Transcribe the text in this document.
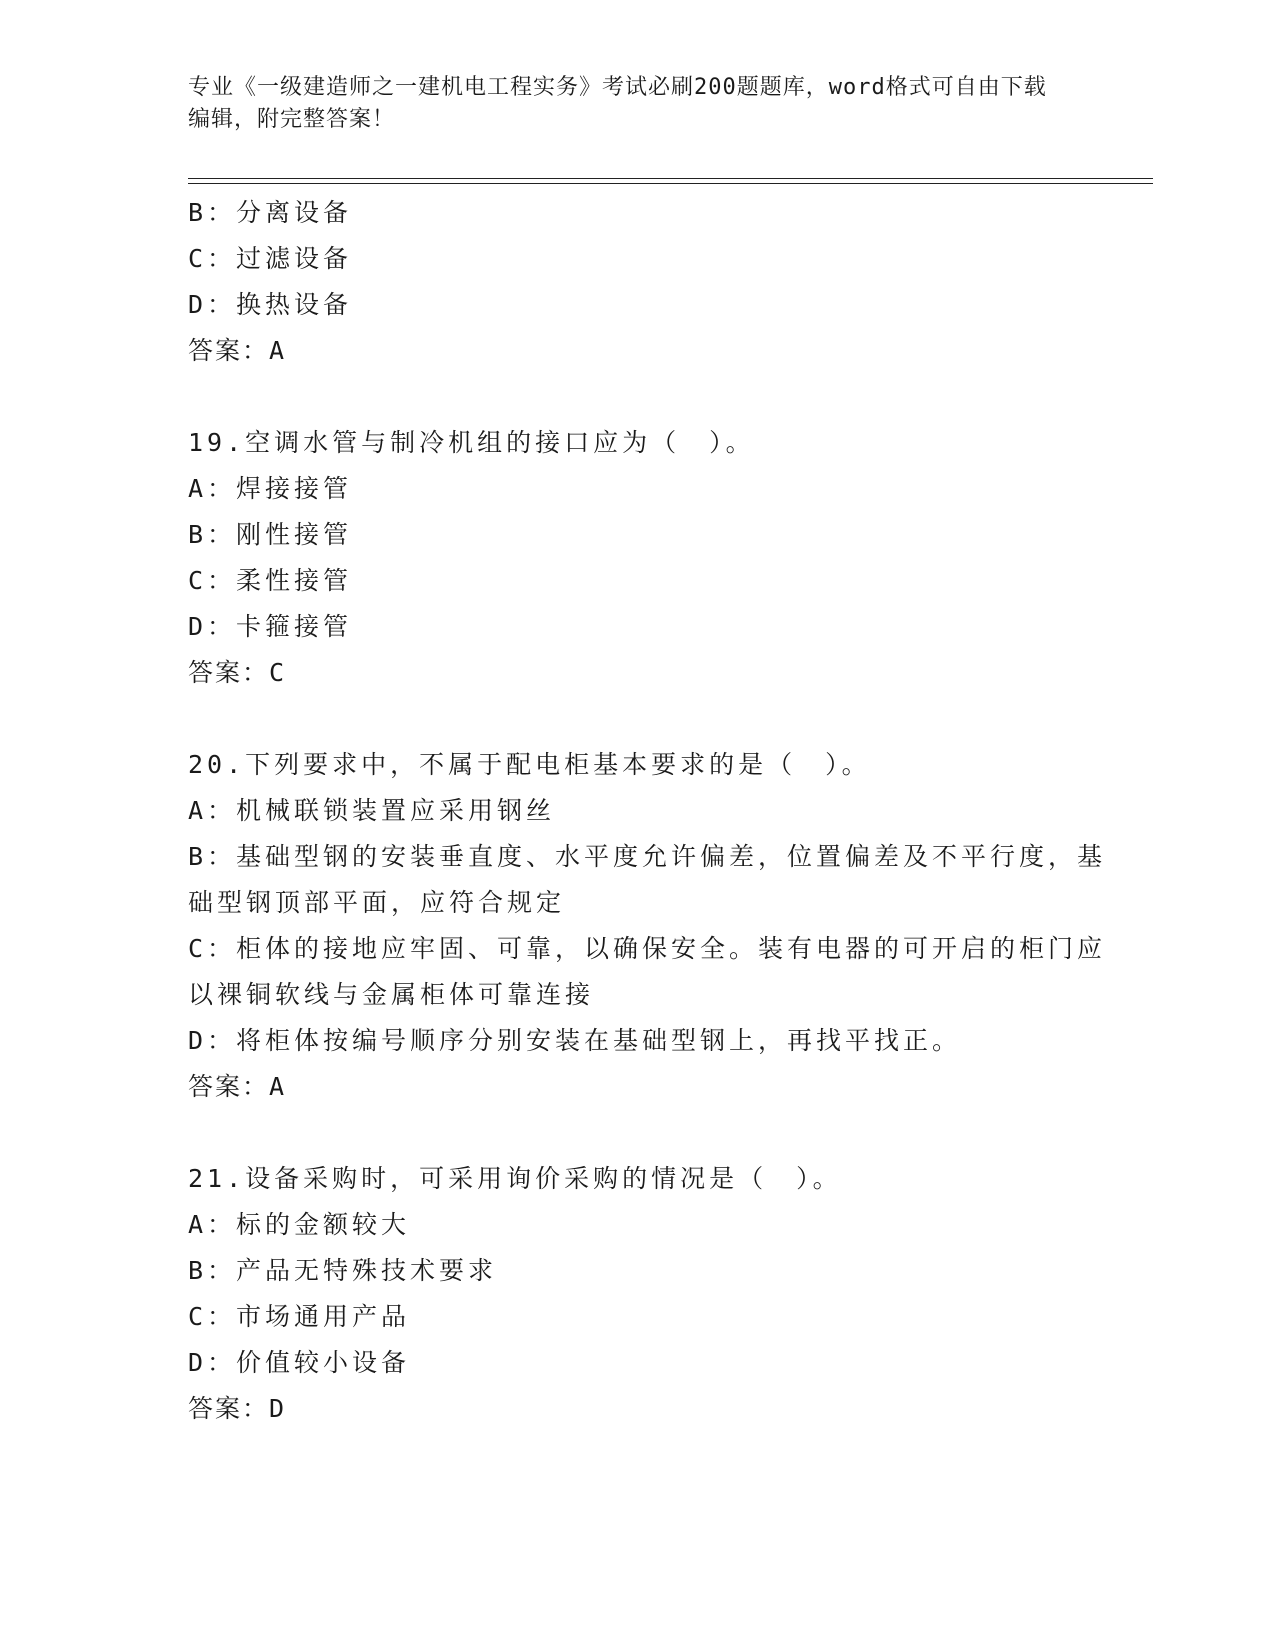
专业《一级建造师之一建机电工程实务》考试必刷200题题库，word格式可自由下载编辑，附完整答案！
B：分离设备
C：过滤设备
D：换热设备
答案：A
19.空调水管与制冷机组的接口应为（　）。
A：焊接接管
B：刚性接管
C：柔性接管
D：卡箍接管
答案：C
20.下列要求中，不属于配电柜基本要求的是（　）。
A：机械联锁装置应采用钢丝
B：基础型钢的安装垂直度、水平度允许偏差，位置偏差及不平行度，基础型钢顶部平面，应符合规定
C：柜体的接地应牢固、可靠，以确保安全。装有电器的可开启的柜门应以裸铜软线与金属柜体可靠连接
D：将柜体按编号顺序分别安装在基础型钢上，再找平找正。
答案：A
21.设备采购时，可采用询价采购的情况是（　）。
A：标的金额较大
B：产品无特殊技术要求
C：市场通用产品
D：价值较小设备
答案：D
